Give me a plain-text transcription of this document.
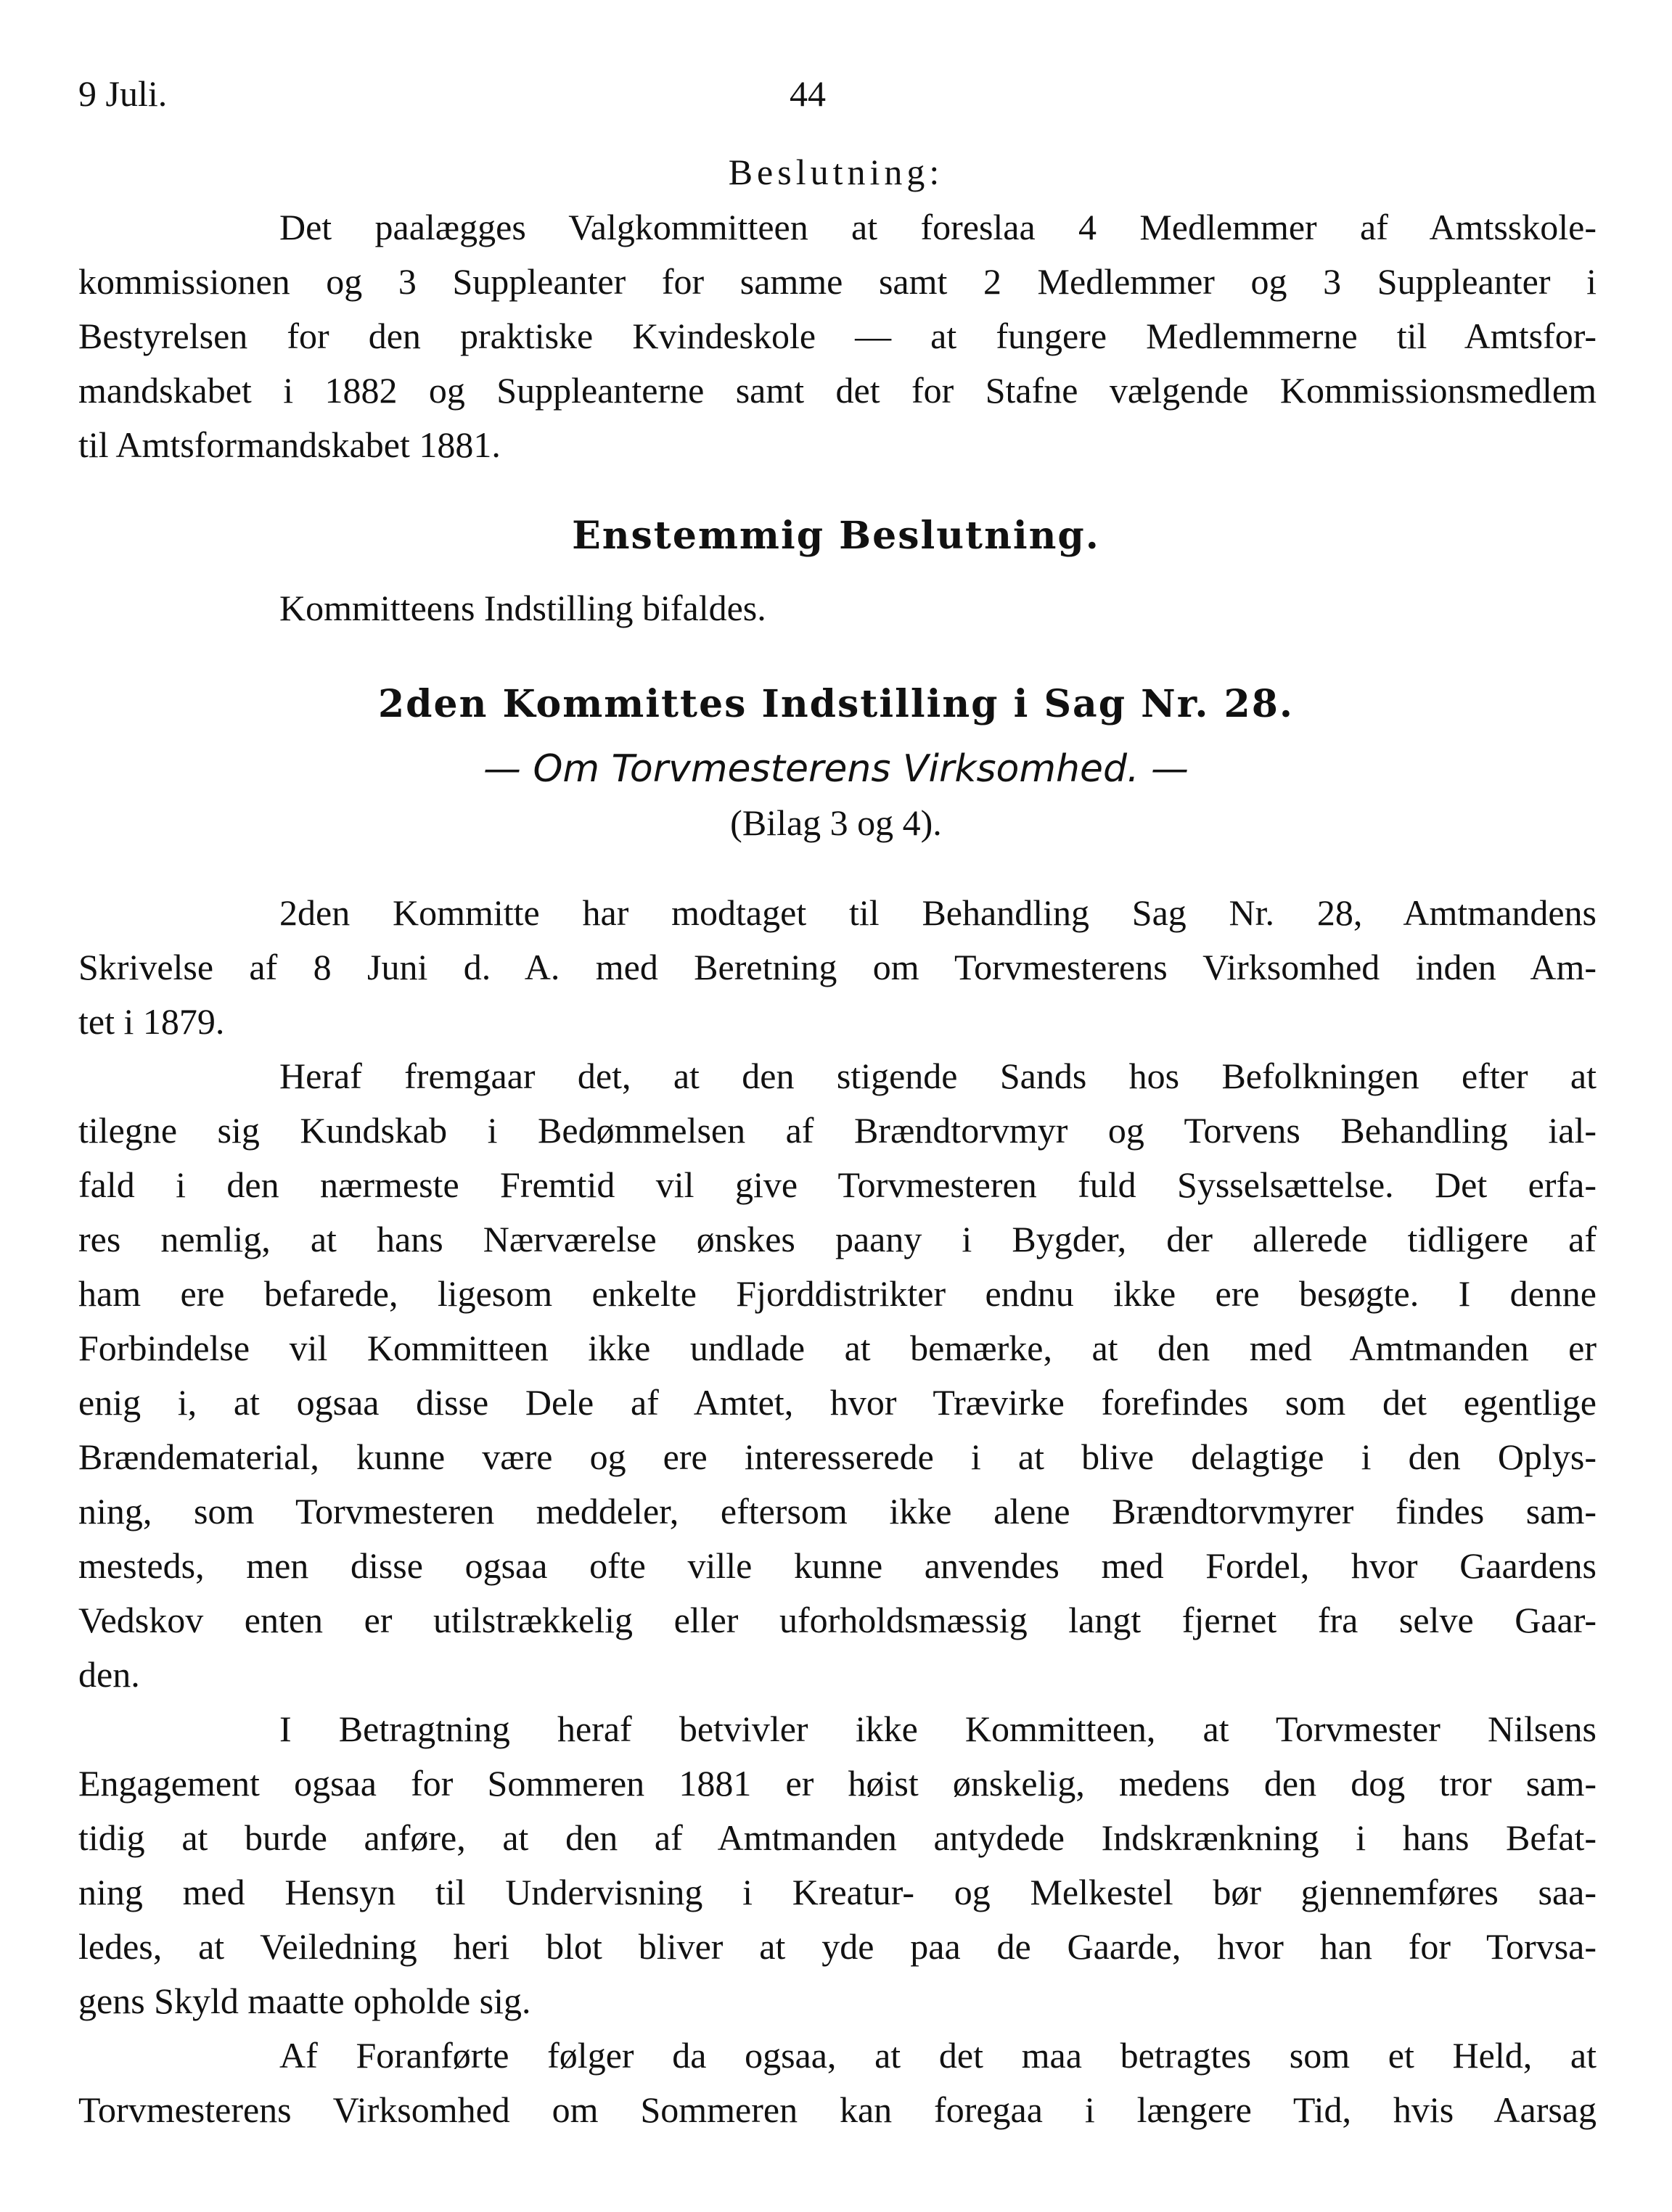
9 Juli.	44
Beslutning:
Det paalægges Valgkommitteen at foreslaa 4 Medlemmer af Amtsskole-
kommissionen og 3 Suppleanter for samme samt 2 Medlemmer og 3 Suppleanter i
Bestyrelsen for den praktiske Kvindeskole — at fungere Medlemmerne til Amtsfor-
mandskabet i 1882 og Suppleanterne samt det for Stafne vælgende Kommissionsmedlem
til Amtsformandskabet 1881.
Enstemmig Beslutning.
Kommitteens Indstilling bifaldes.
2den Kommittes Indstilling i Sag Nr. 28.
— Om Torvmesterens Virksomhed. —
(Bilag 3 og 4).
2den Kommitte har modtaget til Behandling Sag Nr. 28, Amtmandens
Skrivelse af 8 Juni d. A. med Beretning om Torvmesterens Virksomhed inden Am-
tet i 1879.
Heraf fremgaar det, at den stigende Sands hos Befolkningen efter at
tilegne sig Kundskab i Bedømmelsen af Brændtorvmyr og Torvens Behandling ial-
fald i den nærmeste Fremtid vil give Torvmesteren fuld Sysselsættelse. Det erfa-
res nemlig, at hans Nærværelse ønskes paany i Bygder, der allerede tidligere af
ham ere befarede, ligesom enkelte Fjorddistrikter endnu ikke ere besøgte. I denne
Forbindelse vil Kommitteen ikke undlade at bemærke, at den med Amtmanden er
enig i, at ogsaa disse Dele af Amtet, hvor Trævirke forefindes som det egentlige
Brændematerial, kunne være og ere interesserede i at blive delagtige i den Oplys-
ning, som Torvmesteren meddeler, eftersom ikke alene Brændtorvmyrer findes sam-
mesteds, men disse ogsaa ofte ville kunne anvendes med Fordel, hvor Gaardens
Vedskov enten er utilstrækkelig eller uforholdsmæssig langt fjernet fra selve Gaar-
den.
I Betragtning heraf betvivler ikke Kommitteen, at Torvmester Nilsens
Engagement ogsaa for Sommeren 1881 er høist ønskelig, medens den dog tror sam-
tidig at burde anføre, at den af Amtmanden antydede Indskrænkning i hans Befat-
ning med Hensyn til Undervisning i Kreatur- og Melkestel bør gjennemføres saa-
ledes, at Veiledning heri blot bliver at yde paa de Gaarde, hvor han for Torvsa-
gens Skyld maatte opholde sig.
Af Foranførte følger da ogsaa, at det maa betragtes som et Held, at
Torvmesterens Virksomhed om Sommeren kan foregaa i længere Tid, hvis Aarsag
